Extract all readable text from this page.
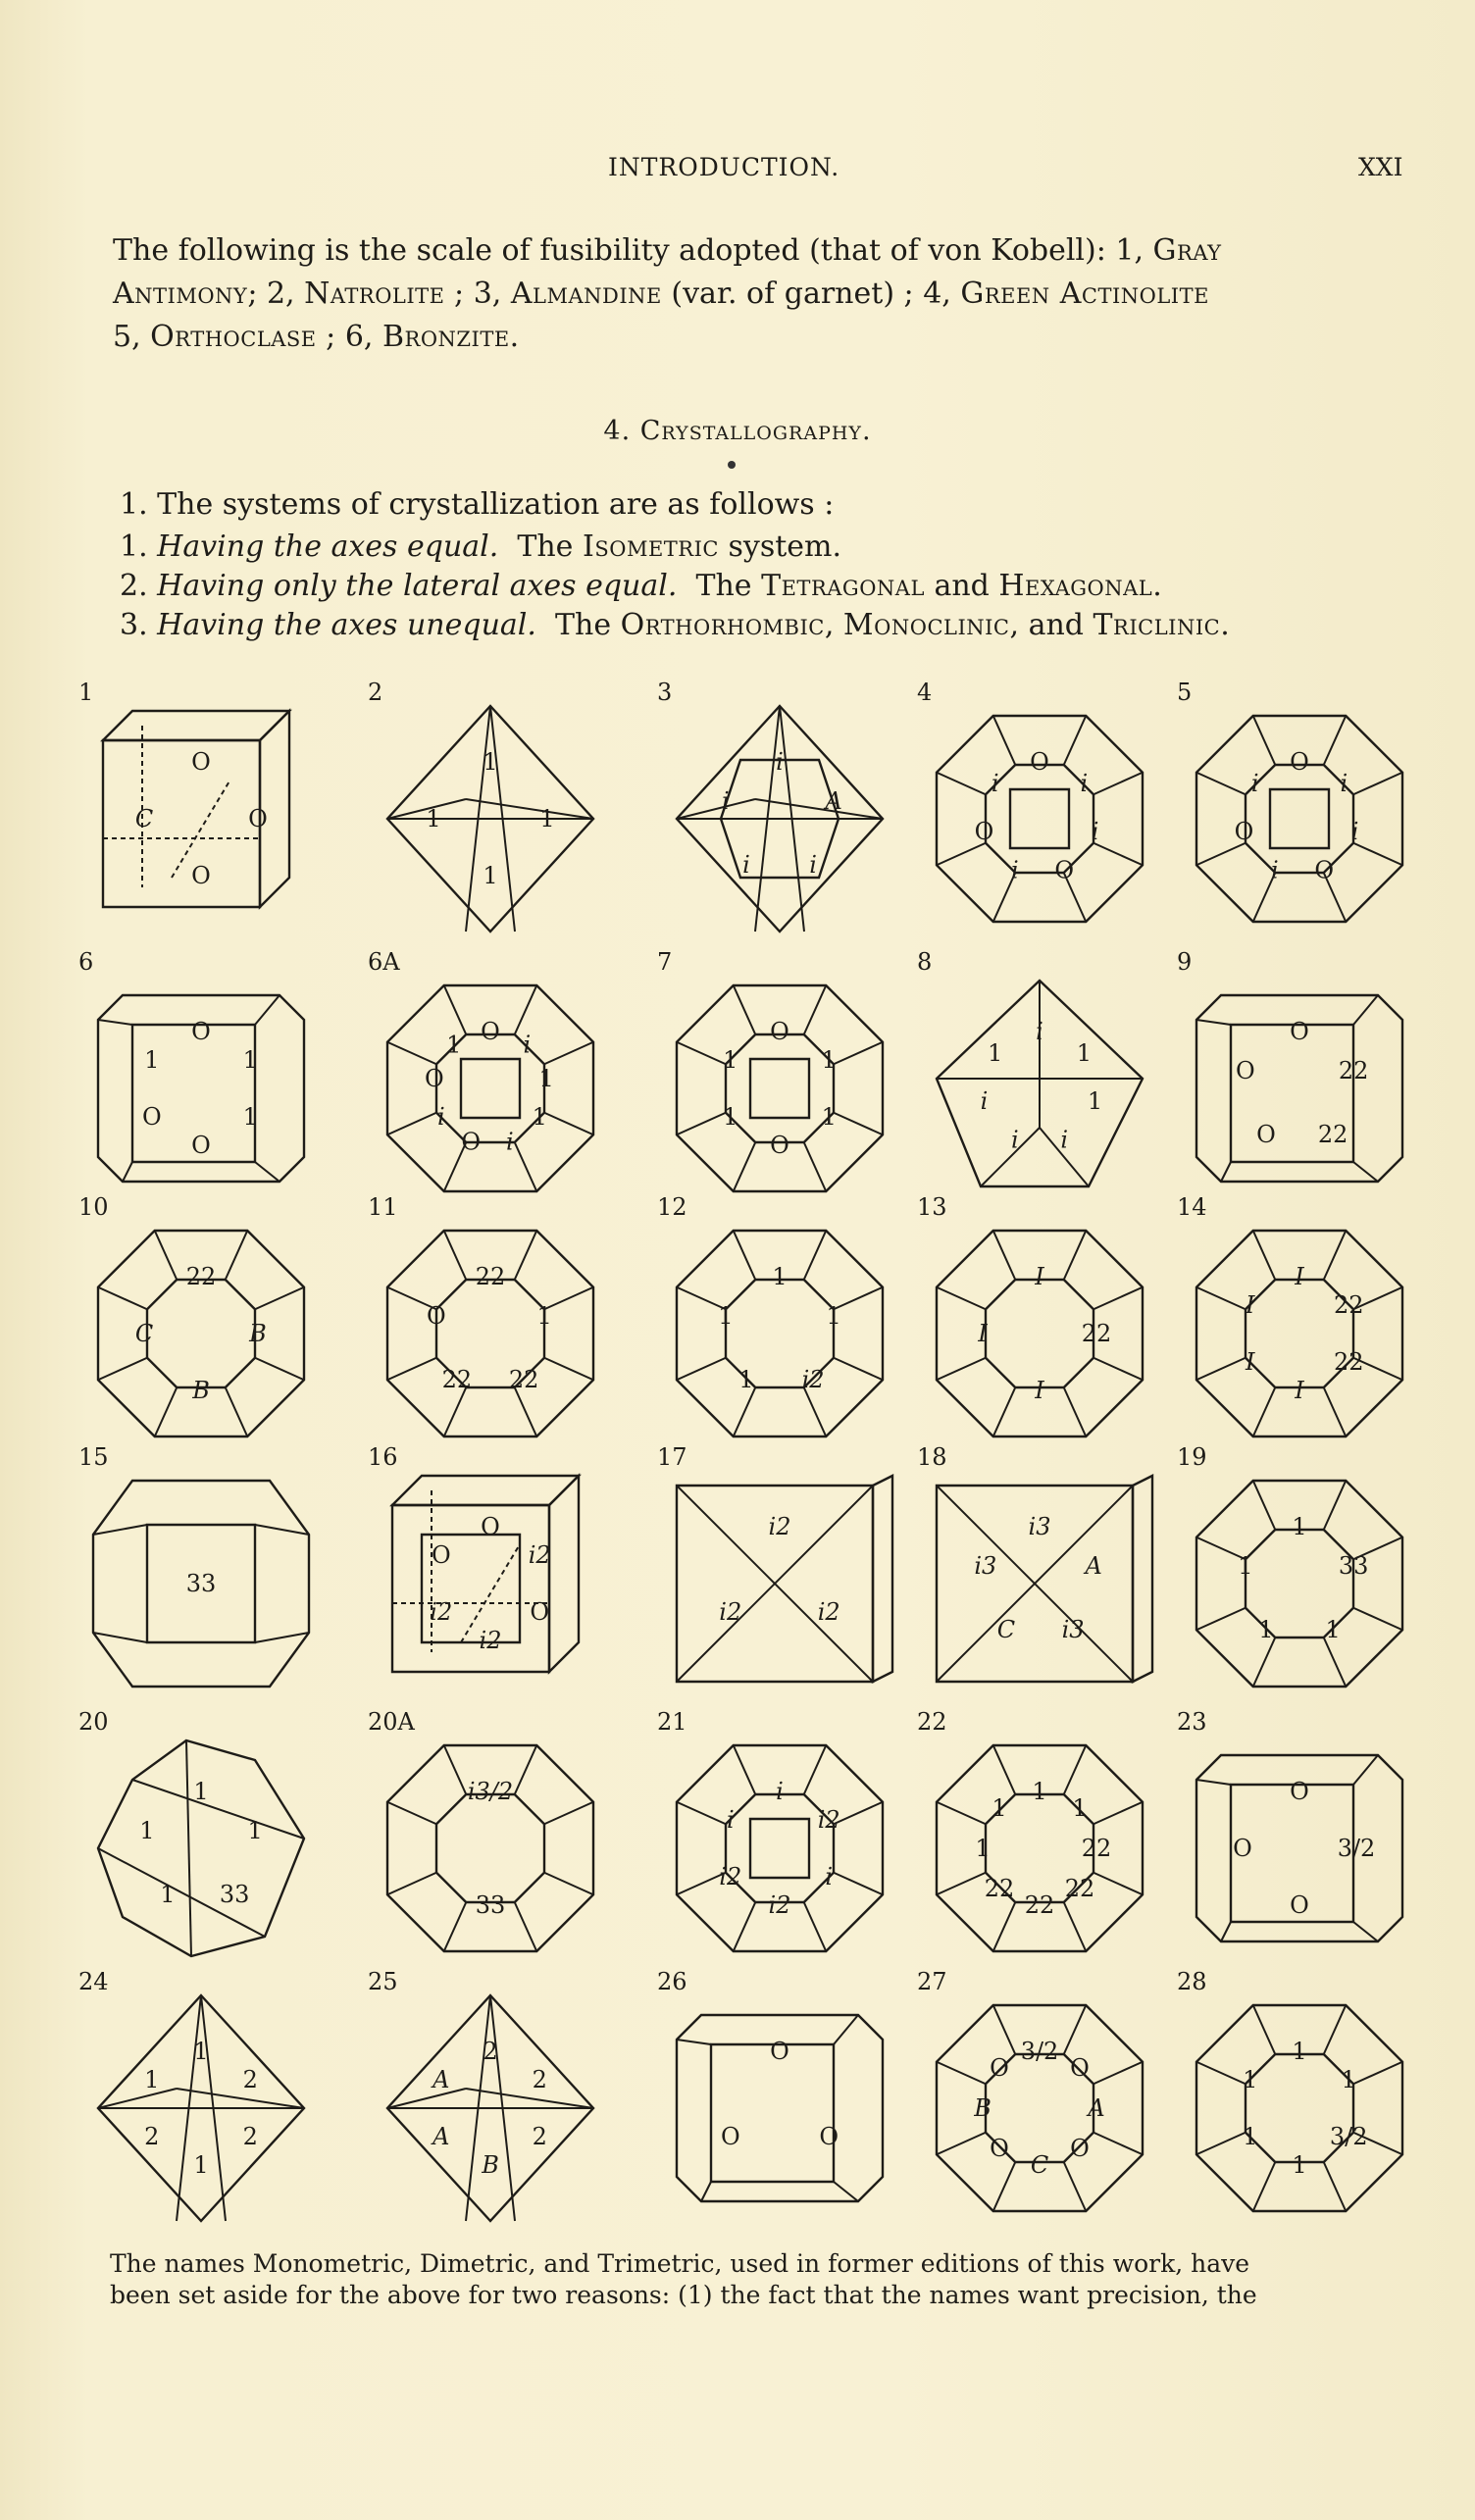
INTRODUCTION.	XXI
The following is the scale of fusibility adopted (that of von Kobell): 1, Gray
Antimony; 2, Natrolite ; 3, Almandine (var. of garnet) ; 4, Green Actinolite
5, Orthoclase ; 6, Bronzite.
4. Crystallography.
1. The systems of crystallization are as follows :
1. Having the axes equal.  The Isometric system.
2. Having only the lateral axes equal.  The Tetragonal and Hexagonal.
3. Having the axes unequal.  The Orthorhombic, Monoclinic, and Triclinic.
1
O
O
O
C
2
1
1
1
1
3
i
A
i
i
i
4
O
i
i
O
i
O
i
5
O
i
i
O
i
O
i
6
O
1
1
O
O
1
6A
O i
1
1
i
O
i
O
1
7
O
1
1
O
1
1
8
i
1
1
i
i
i
1
9
O
22
22
O
O
10
22
B
B
C
11
22
1
22
22
O
12
1
1
i2
1
1
13
I
22
I
I
14
I
22
22
I
I
I
15
33
16
O
i2
O
i2
i2
O
17
i2
i2
i2
18
i3
A
i3
C
i3
19
1
33
1
1
1
20
1
1
33
1
1
20A
i3/2
33
21
i
i2
i
i2
i2
i
22
1
1
22
22
22
22
1
1
23
O
3/2
O
O
24
1
2
2
1
2
1
25
2
2
2
B
A
A
26
O
O
O
27
3/2
O
A
O
C
O
B
O
28
1
1
3/2
1
1
1
The names Monometric, Dimetric, and Trimetric, used in former editions of this work, have
been set aside for the above for two reasons: (1) the fact that the names want precision, the
